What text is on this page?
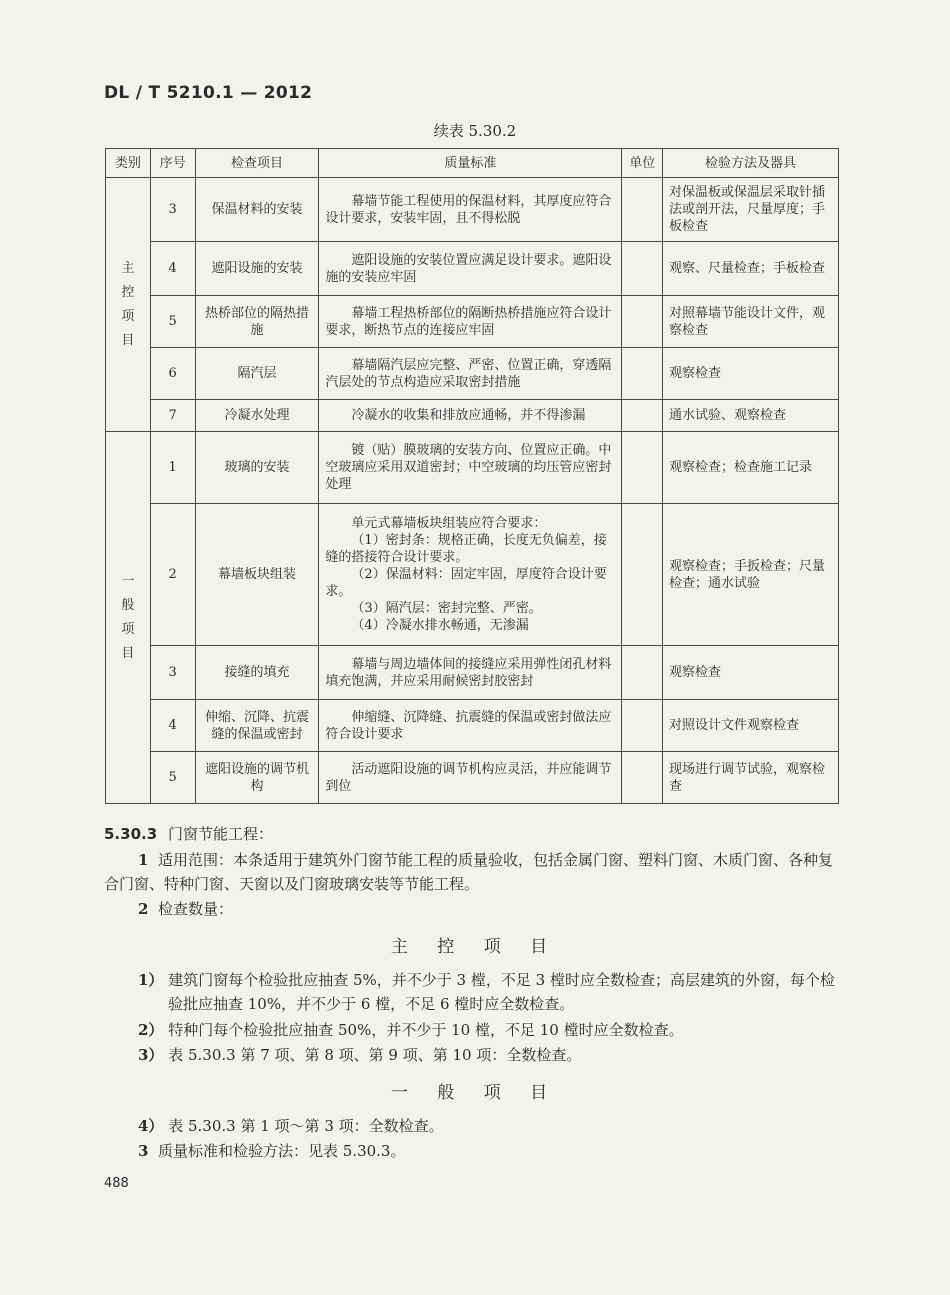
DL / T 5210.1 — 2012
续表 5.30.2
类别	序号	检查项目	质量标准	单位	检验方法及器具

主
控
项
目	3	保温材料的安装	幕墙节能工程使用的保温材料，其厚度应符合设计要求，安装牢固，且不得松脱		对保温板或保温层采取针插法或剖开法，尺量厚度；手板检查
	4	遮阳设施的安装	遮阳设施的安装位置应满足设计要求。遮阳设施的安装应牢固		观察、尺量检查；手板检查
	5	热桥部位的隔热措施	幕墙工程热桥部位的隔断热桥措施应符合设计要求，断热节点的连接应牢固		对照幕墙节能设计文件，观察检查
	6	隔汽层	幕墙隔汽层应完整、严密、位置正确，穿透隔汽层处的节点构造应采取密封措施		观察检查
	7	冷凝水处理	冷凝水的收集和排放应通畅，并不得渗漏		通水试验、观察检查

一
般
项
目	1	玻璃的安装	镀（贴）膜玻璃的安装方向、位置应正确。中空玻璃应采用双道密封；中空玻璃的均压管应密封处理		观察检查；检查施工记录
	2	幕墙板块组装	单元式幕墙板块组装应符合要求：
（1）密封条：规格正确，长度无负偏差，接缝的搭接符合设计要求。
（2）保温材料：固定牢固，厚度符合设计要求。
（3）隔汽层：密封完整、严密。
（4）冷凝水排水畅通，无渗漏		观察检查；手扳检查；尺量检查；通水试验
	3	接缝的填充	幕墙与周边墙体间的接缝应采用弹性闭孔材料填充饱满，并应采用耐候密封胶密封		观察检查
	4	伸缩、沉降、抗震缝的保温或密封	伸缩缝、沉降缝、抗震缝的保温或密封做法应符合设计要求		对照设计文件观察检查
	5	遮阳设施的调节机构	活动遮阳设施的调节机构应灵活，并应能调节到位		现场进行调节试验，观察检查
5.30.3 门窗节能工程：
1 适用范围：本条适用于建筑外门窗节能工程的质量验收，包括金属门窗、塑料门窗、木质门窗、各种复合门窗、特种门窗、天窗以及门窗玻璃安装等节能工程。
2 检查数量：
主 控 项 目
1） 建筑门窗每个检验批应抽查 5%，并不少于 3 樘，不足 3 樘时应全数检查；高层建筑的外窗，每个检验批应抽查 10%，并不少于 6 樘，不足 6 樘时应全数检查。
2） 特种门每个检验批应抽查 50%，并不少于 10 樘，不足 10 樘时应全数检查。
3） 表 5.30.3 第 7 项、第 8 项、第 9 项、第 10 项：全数检查。
一 般 项 目
4） 表 5.30.3 第 1 项～第 3 项：全数检查。
3 质量标准和检验方法：见表 5.30.3。
488
